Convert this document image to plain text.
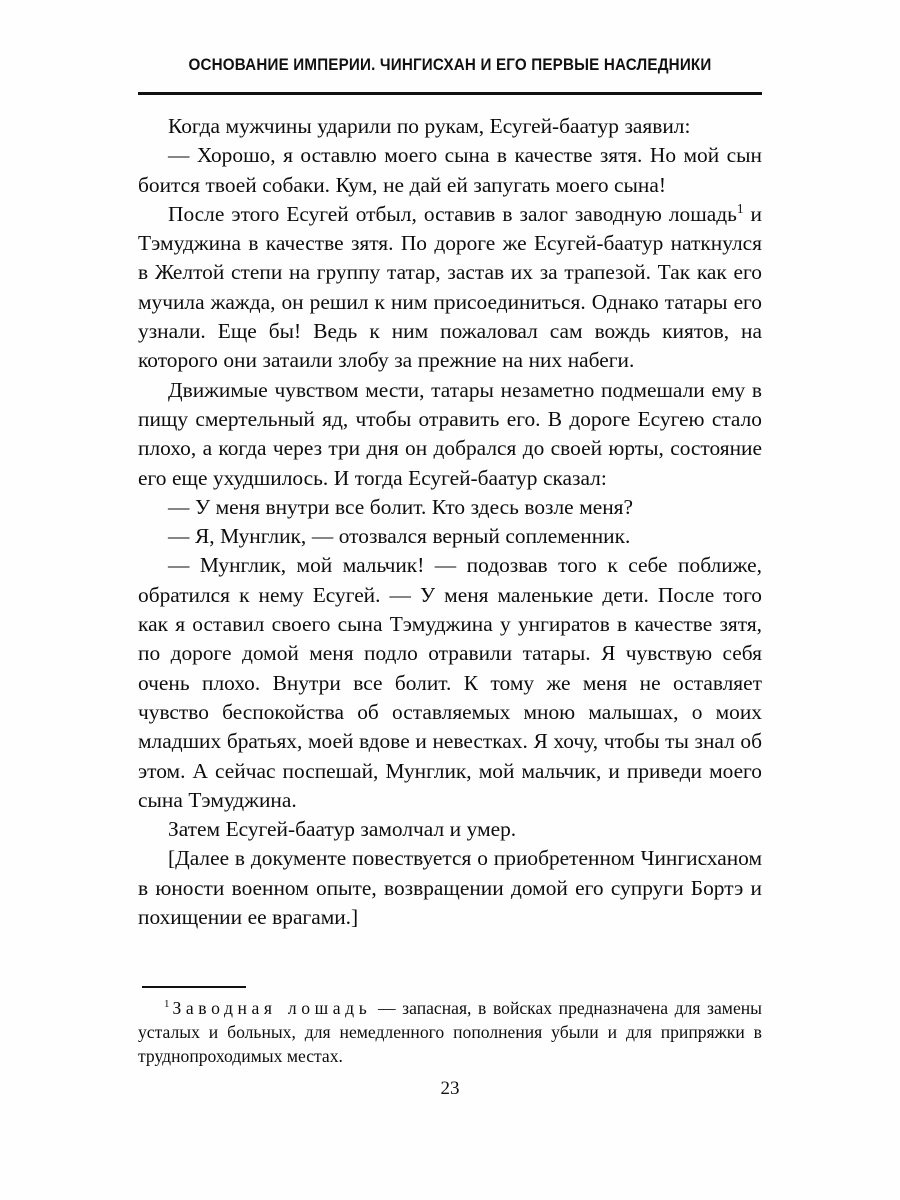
ОСНОВАНИЕ ИМПЕРИИ. ЧИНГИСХАН И ЕГО ПЕРВЫЕ НАСЛЕДНИКИ

Когда мужчины ударили по рукам, Есугей-баатур заявил:

— Хорошо, я оставлю моего сына в качестве зятя. Но мой сын боится твоей собаки. Кум, не дай ей запугать моего сына!

После этого Есугей отбыл, оставив в залог заводную лошадь$^1$ и Тэмуджина в качестве зятя. По дороге же Есугей-баатур наткнулся в Желтой степи на группу татар, застав их за трапезой. Так как его мучила жажда, он решил к ним присоединиться. Однако татары его узнали. Еще бы! Ведь к ним пожаловал сам вождь киятов, на которого они затаили злобу за прежние на них набеги.

Движимые чувством мести, татары незаметно подмешали ему в пищу смертельный яд, чтобы отравить его. В дороге Есугею стало плохо, а когда через три дня он добрался до своей юрты, состояние его еще ухудшилось. И тогда Есугей-баатур сказал:

— У меня внутри все болит. Кто здесь возле меня?

— Я, Мунглик, — отозвался верный соплеменник.

— Мунглик, мой мальчик! — подозвав того к себе поближе, обратился к нему Есугей. — У меня маленькие дети. После того как я оставил своего сына Тэмуджина у унгиратов в качестве зятя, по дороге домой меня подло отравили татары. Я чувствую себя очень плохо. Внутри все болит. К тому же меня не оставляет чувство беспокойства об оставляемых мною малышах, о моих младших братьях, моей вдове и невестках. Я хочу, чтобы ты знал об этом. А сейчас поспешай, Мунглик, мой мальчик, и приведи моего сына Тэмуджина.

Затем Есугей-баатур замолчал и умер.

[Далее в документе повествуется о приобретенном Чингисханом в юности военном опыте, возвращении домой его супруги Бортэ и похищении ее врагами.]

$^1$ Заводная лошадь — запасная, в войсках предназначена для замены усталых и больных, для немедленного пополнения убыли и для припряжки в труднопроходимых местах.

23
